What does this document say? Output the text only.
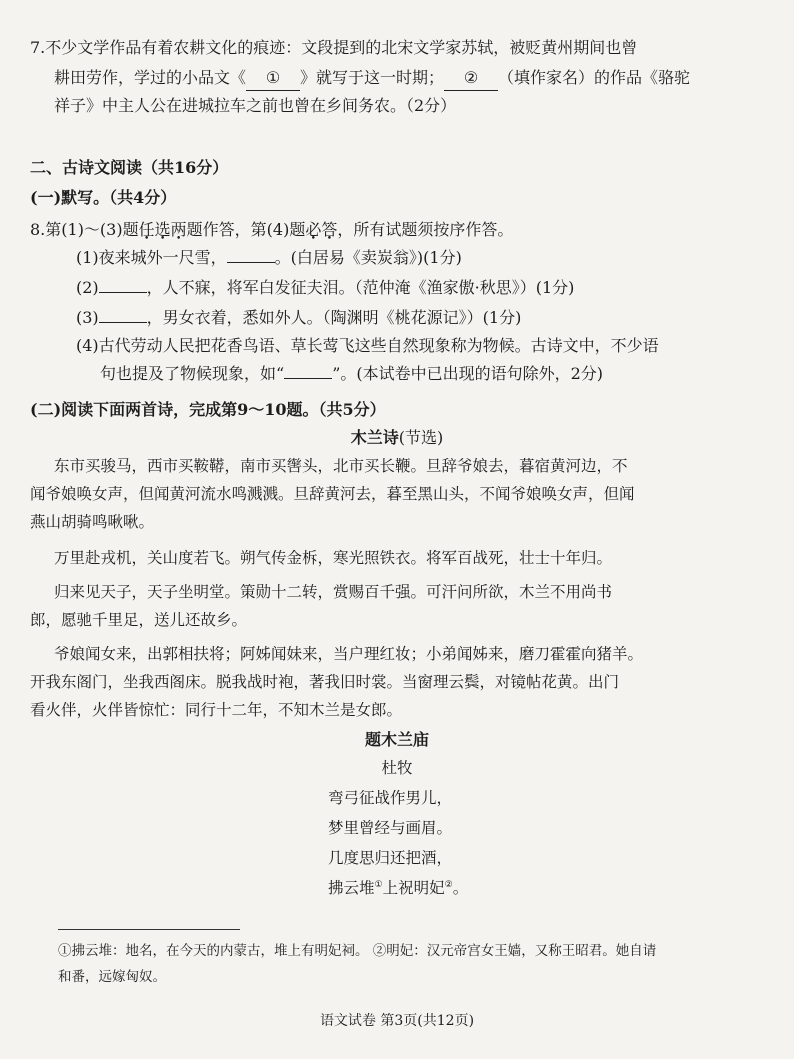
7.不少文学作品有着农耕文化的痕迹：文段提到的北宋文学家苏轼，被贬黄州期间也曾
耕田劳作，学过的小品文《 ① 》就写于这一时期； ② （填作家名）的作品《骆驼
祥子》中主人公在进城拉车之前也曾在乡间务农。（2分）
二、古诗文阅读（共16分）
(一)默写。（共4分）
8.第(1)～(3)题任选两题作答，第(4)题必答，所有试题须按序作答。
(1)夜来城外一尺雪，	。(白居易《卖炭翁》)(1分)
(2)	，人不寐，将军白发征夫泪。（范仲淹《渔家傲·秋思》）(1分)
(3)	，男女衣着，悉如外人。（陶渊明《桃花源记》）(1分)
(4)古代劳动人民把花香鸟语、草长莺飞这些自然现象称为物候。古诗文中，不少语
句也提及了物候现象，如“	”。(本试卷中已出现的语句除外，2分)
(二)阅读下面两首诗，完成第9～10题。（共5分）
木兰诗(节选)
东市买骏马，西市买鞍鞯，南市买辔头，北市买长鞭。旦辞爷娘去，暮宿黄河边，不
闻爷娘唤女声，但闻黄河流水鸣溅溅。旦辞黄河去，暮至黑山头，不闻爷娘唤女声，但闻
燕山胡骑鸣啾啾。
万里赴戎机，关山度若飞。朔气传金柝，寒光照铁衣。将军百战死，壮士十年归。
归来见天子，天子坐明堂。策勋十二转，赏赐百千强。可汗问所欲，木兰不用尚书
郎，愿驰千里足，送儿还故乡。
爷娘闻女来，出郭相扶将；阿姊闻妹来，当户理红妆；小弟闻姊来，磨刀霍霍向猪羊。
开我东阁门，坐我西阁床。脱我战时袍，著我旧时裳。当窗理云鬓，对镜帖花黄。出门
看火伴，火伴皆惊忙：同行十二年，不知木兰是女郎。
题木兰庙
杜牧
弯弓征战作男儿，
梦里曾经与画眉。
几度思归还把酒，
拂云堆①上祝明妃②。
①拂云堆：地名，在今天的内蒙古，堆上有明妃祠。 ②明妃：汉元帝宫女王嫱，又称王昭君。她自请
和番，远嫁匈奴。
语文试卷 第3页(共12页)
